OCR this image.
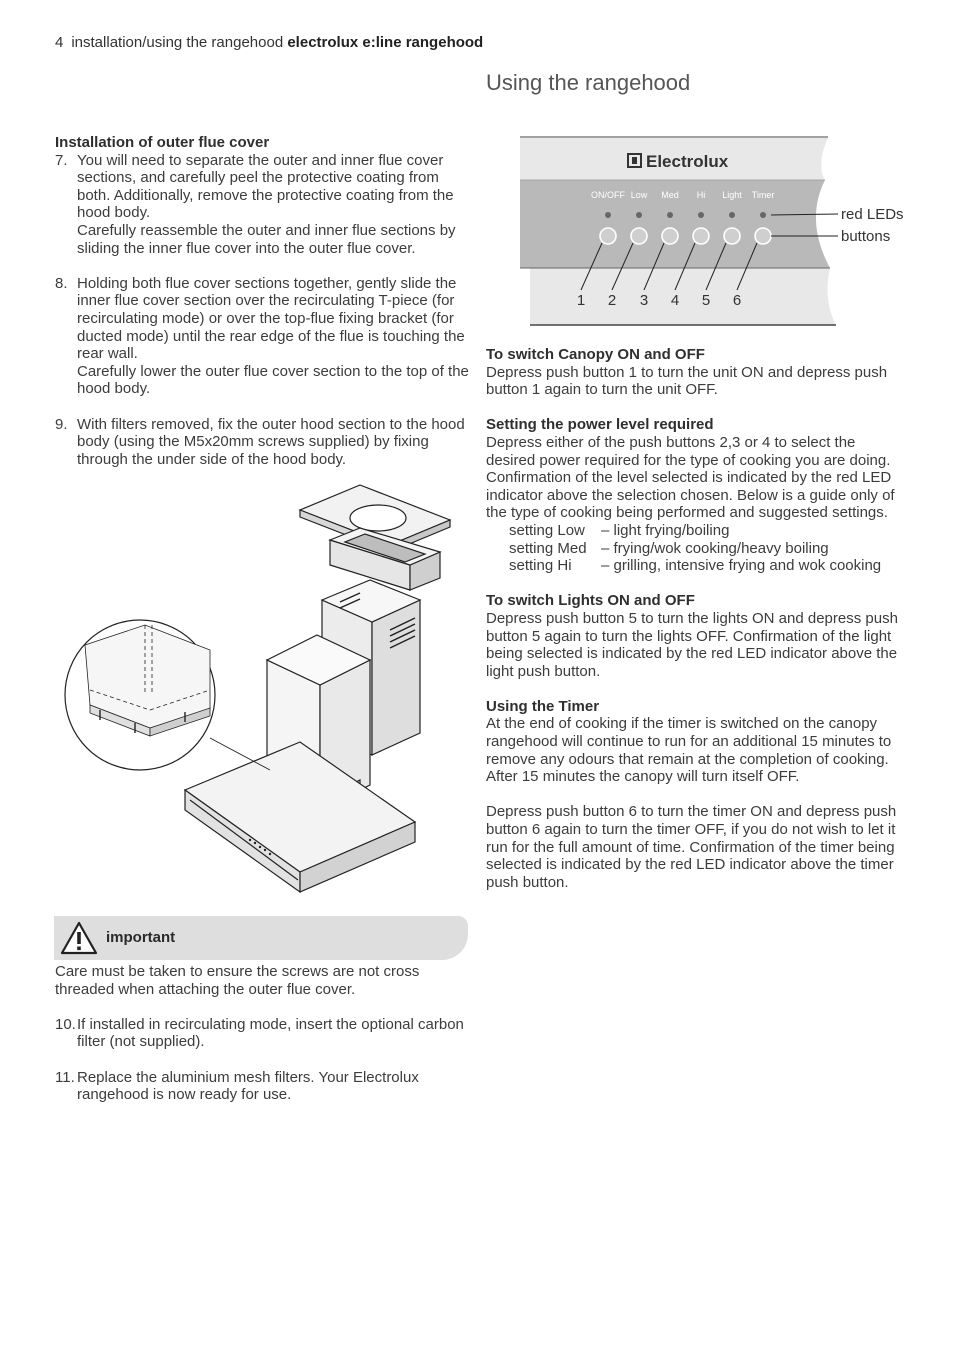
4 installation/using the rangehood electrolux e:line rangehood
Using the rangehood
Installation of outer flue cover
7. You will need to separate the outer and inner flue cover sections, and carefully peel the protective coating from both. Additionally, remove the protective coating from the hood body.
Carefully reassemble the outer and inner flue sections by sliding the inner flue cover into the outer flue cover.
8. Holding both flue cover sections together, gently slide the inner flue cover section over the recirculating T-piece (for recirculating mode) or over the top-flue fixing bracket (for ducted mode) until the rear edge of the flue is touching the rear wall.
Carefully lower the outer flue cover section to the top of the hood body.
9. With filters removed, fix the outer hood section to the hood body (using the M5x20mm screws supplied) by fixing through the under side of the hood body.
important
Care must be taken to ensure the screws are not cross threaded when attaching the outer flue cover.
10. If installed in recirculating mode, insert the optional carbon filter (not supplied).
11. Replace the aluminium mesh filters. Your Electrolux rangehood is now ready for use.
Electrolux
ON/OFF Low Med Hi Light Timer
1 2 3 4 5 6
red LEDs
buttons
To switch Canopy ON and OFF
Depress push button 1 to turn the unit ON and depress push button 1 again to turn the unit OFF.
Setting the power level required
Depress either of the push buttons 2,3 or 4 to select the desired power required for the type of cooking you are doing. Confirmation of the level selected is indicated by the red LED indicator above the selection chosen. Below is a guide only of the type of cooking being performed and suggested settings.
setting Low	– light frying/boiling
setting Med – frying/wok cooking/heavy boiling
setting Hi	– grilling, intensive frying and wok cooking
To switch Lights ON and OFF
Depress push button 5 to turn the lights ON and depress push button 5 again to turn the lights OFF. Confirmation of the light being selected is indicated by the red LED indicator above the light push button.
Using the Timer
At the end of cooking if the timer is switched on the canopy rangehood will continue to run for an additional 15 minutes to remove any odours that remain at the completion of cooking. After 15 minutes the canopy will turn itself OFF.
Depress push button 6 to turn the timer ON and depress push button 6 again to turn the timer OFF, if you do not wish to let it run for the full amount of time. Confirmation of the timer being selected is indicated by the red LED indicator above the timer push button.
